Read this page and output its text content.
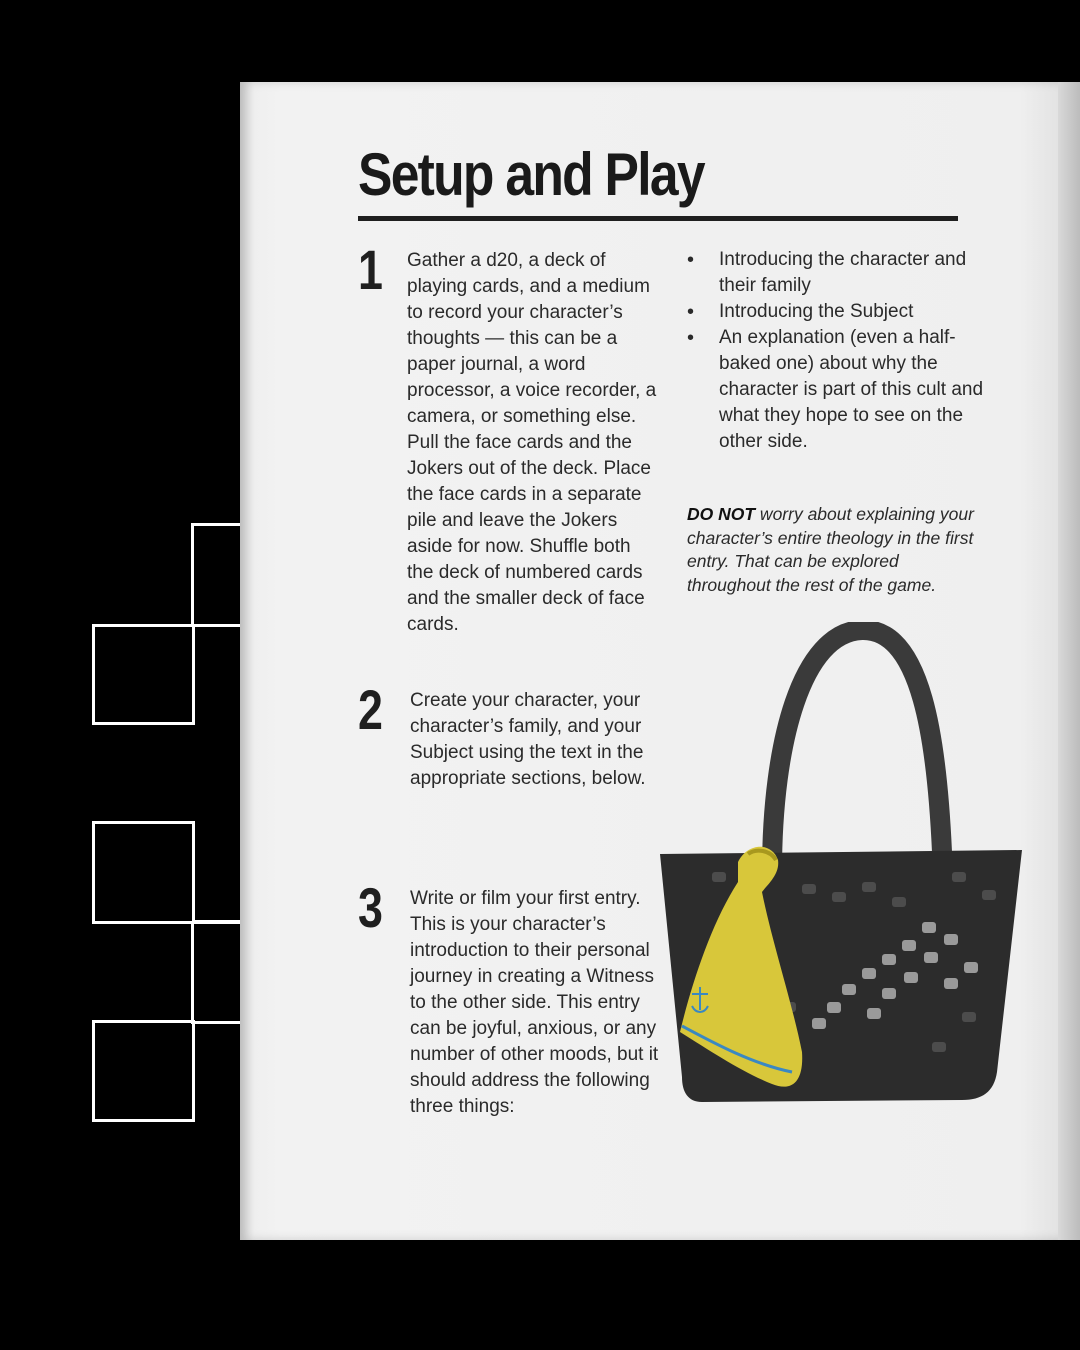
Setup and Play
1 Gather a d20, a deck of playing cards, and a medium to record your character’s thoughts — this can be a paper journal, a word processor, a voice recorder, a camera, or something else. Pull the face cards and the Jokers out of the deck. Place the face cards in a separate pile and leave the Jokers aside for now. Shuffle both the deck of numbered cards and the smaller deck of face cards.

2 Create your character, your character’s family, and your Subject using the text in the appropriate sections, below.

3 Write or film your first entry. This is your character’s introduction to their personal journey in creating a Witness to the other side. This entry can be joyful, anxious, or any number of other moods, but it should address the following three things:

• Introducing the character and their family
• Introducing the Subject
• An explanation (even a half-baked one) about why the character is part of this cult and what they hope to see on the other side.

DO NOT worry about explaining your character’s entire theology in the first entry. That can be explored throughout the rest of the game.
